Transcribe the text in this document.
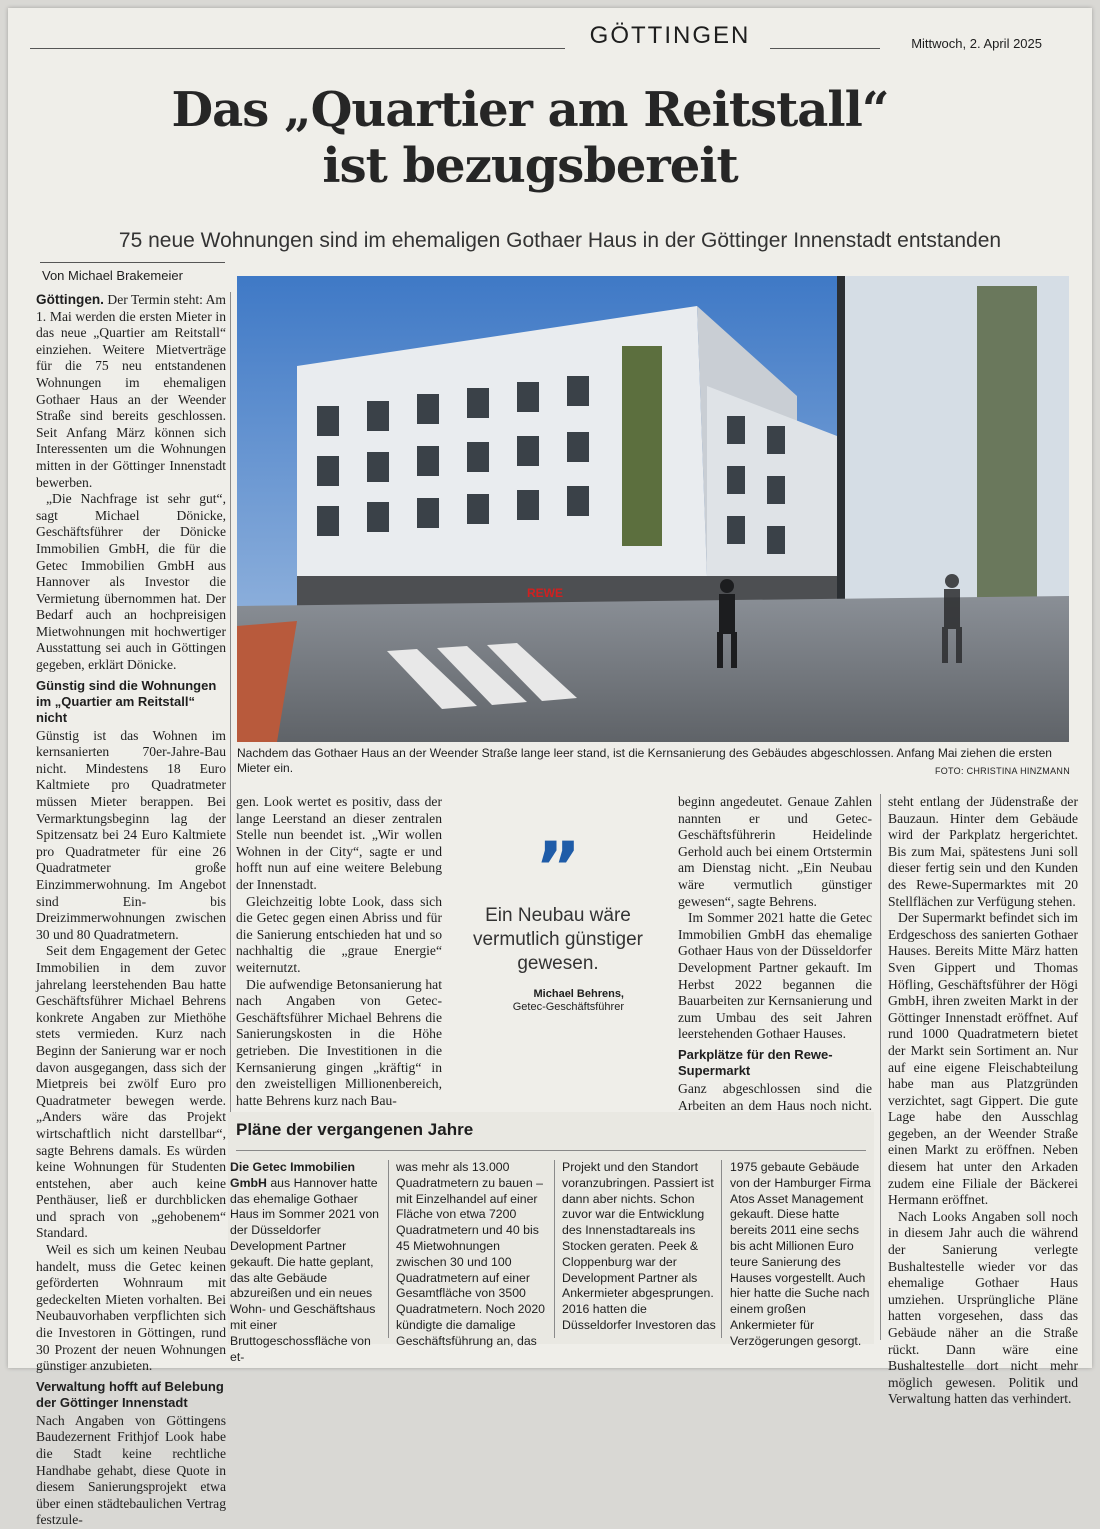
GÖTTINGEN	Mittwoch, 2. April 2025
Das „Quartier am Reitstall“
ist bezugsbereit
75 neue Wohnungen sind im ehemaligen Gothaer Haus in der Göttinger Innenstadt entstanden
Von Michael Brakemeier

Göttingen. Der Termin steht: Am 1. Mai werden die ersten Mieter in das neue „Quartier am Reitstall“ einziehen. Weitere Mietverträge für die 75 neu entstandenen Wohnungen im ehemaligen Gothaer Haus an der Weender Straße sind bereits geschlossen. Seit Anfang März können sich Interessenten um die Wohnungen mitten in der Göttinger Innenstadt bewerben.

„Die Nachfrage ist sehr gut“, sagt Michael Dönicke, Geschäftsführer der Dönicke Immobilien GmbH, die für die Getec Immobilien GmbH aus Hannover als Investor die Vermietung übernommen hat. Der Bedarf auch an hochpreisigen Mietwohnungen mit hochwertiger Ausstattung sei auch in Göttingen gegeben, erklärt Dönicke.

Günstig sind die Wohnungen im „Quartier am Reitstall“ nicht

Günstig ist das Wohnen im kernsanierten 70er-Jahre-Bau nicht. Mindestens 18 Euro Kaltmiete pro Quadratmeter müssen Mieter berappen. Bei Vermarktungsbeginn lag der Spitzensatz bei 24 Euro Kaltmiete pro Quadratmeter für eine 26 Quadratmeter große Einzimmerwohnung. Im Angebot sind Ein- bis Dreizimmerwohnungen zwischen 30 und 80 Quadratmetern.

Seit dem Engagement der Getec Immobilien in dem zuvor jahrelang leerstehenden Bau hatte Geschäftsführer Michael Behrens konkrete Angaben zur Miethöhe stets vermieden. Kurz nach Beginn der Sanierung war er noch davon ausgegangen, dass sich der Mietpreis bei zwölf Euro pro Quadratmeter bewegen werde. „Anders wäre das Projekt wirtschaftlich nicht darstellbar“, sagte Behrens damals. Es würden keine Wohnungen für Studenten entstehen, aber auch keine Penthäuser, ließ er durchblicken und sprach von „gehobenem“ Standard.

Weil es sich um keinen Neubau handelt, muss die Getec keinen geförderten Wohnraum mit gedeckelten Mieten vorhalten. Bei Neubauvorhaben verpflichten sich die Investoren in Göttingen, rund 30 Prozent der neuen Wohnungen günstiger anzubieten.

Verwaltung hofft auf Belebung der Göttinger Innenstadt

Nach Angaben von Göttingens Baudezernent Frithjof Look habe die Stadt keine rechtliche Handhabe gehabt, diese Quote in diesem Sanierungsprojekt etwa über einen städtebaulichen Vertrag festzule-

REWE
Nachdem das Gothaer Haus an der Weender Straße lange leer stand, ist die Kernsanierung des Gebäudes abgeschlossen. Anfang Mai ziehen die ersten Mieter ein.	FOTO: CHRISTINA HINZMANN

gen. Look wertet es positiv, dass der lange Leerstand an dieser zentralen Stelle nun beendet ist. „Wir wollen Wohnen in der City“, sagte er und hofft nun auf eine weitere Belebung der Innenstadt.

Gleichzeitig lobte Look, dass sich die Getec gegen einen Abriss und für die Sanierung entschieden hat und so nachhaltig die „graue Energie“ weiternutzt.

Die aufwendige Betonsanierung hat nach Angaben von Getec-Geschäftsführer Michael Behrens die Sanierungskosten in die Höhe getrieben. Die Investitionen in die Kernsanierung gingen „kräftig“ in den zweistelligen Millionenbereich, hatte Behrens kurz nach Bau-

”
Ein Neubau wäre vermutlich günstiger gewesen.
Michael Behrens,
Getec-Geschäftsführer

beginn angedeutet. Genaue Zahlen nannten er und Getec-Geschäftsführerin Heidelinde Gerhold auch bei einem Ortstermin am Dienstag nicht. „Ein Neubau wäre vermutlich günstiger gewesen“, sagte Behrens.

Im Sommer 2021 hatte die Getec Immobilien GmbH das ehemalige Gothaer Haus von der Düsseldorfer Development Partner gekauft. Im Herbst 2022 begannen die Bauarbeiten zur Kernsanierung und zum Umbau des seit Jahren leerstehenden Gothaer Hauses.

Parkplätze für den Rewe-Supermarkt

Ganz abgeschlossen sind die Arbeiten an dem Haus noch nicht.

steht entlang der Jüdenstraße der Bauzaun. Hinter dem Gebäude wird der Parkplatz hergerichtet. Bis zum Mai, spätestens Juni soll dieser fertig sein und den Kunden des Rewe-Supermarktes mit 20 Stellflächen zur Verfügung stehen.

Der Supermarkt befindet sich im Erdgeschoss des sanierten Gothaer Hauses. Bereits Mitte März hatten Sven Gippert und Thomas Höfling, Geschäftsführer der Högi GmbH, ihren zweiten Markt in der Göttinger Innenstadt eröffnet. Auf rund 1000 Quadratmetern bietet der Markt sein Sortiment an. Nur auf eine eigene Fleischabteilung habe man aus Platzgründen verzichtet, sagt Gippert. Die gute Lage habe den Ausschlag gegeben, an der Weender Straße einen Markt zu eröffnen. Neben diesem hat unter den Arkaden zudem eine Filiale der Bäckerei Hermann eröffnet.

Nach Looks Angaben soll noch in diesem Jahr auch die während der Sanierung verlegte Bushaltestelle wieder vor das ehemalige Gothaer Haus umziehen. Ursprüngliche Pläne hatten vorgesehen, dass das Gebäude näher an die Straße rückt. Dann wäre eine Bushaltestelle dort nicht mehr möglich gewesen. Politik und Verwaltung hatten das verhindert.

Pläne der vergangenen Jahre
Die Getec Immobilien GmbH aus Hannover hatte das ehemalige Gothaer Haus im Sommer 2021 von der Düsseldorfer Development Partner gekauft. Die hatte geplant, das alte Gebäude abzureißen und ein neues Wohn- und Geschäftshaus mit einer Bruttogeschossfläche von et-
was mehr als 13.000 Quadratmetern zu bauen – mit Einzelhandel auf einer Fläche von etwa 7200 Quadratmetern und 40 bis 45 Mietwohnungen zwischen 30 und 100 Quadratmetern auf einer Gesamtfläche von 3500 Quadratmetern. Noch 2020 kündigte die damalige Geschäftsführung an, das
Projekt und den Standort voranzubringen. Passiert ist dann aber nichts. Schon zuvor war die Entwicklung des Innenstadtareals ins Stocken geraten. Peek & Cloppenburg war der Development Partner als Ankermieter abgesprungen. 2016 hatten die Düsseldorfer Investoren das
1975 gebaute Gebäude von der Hamburger Firma Atos Asset Management gekauft. Diese hatte bereits 2011 eine sechs bis acht Millionen Euro teure Sanierung des Hauses vorgestellt. Auch hier hatte die Suche nach einem großen Ankermieter für Verzögerungen gesorgt.
